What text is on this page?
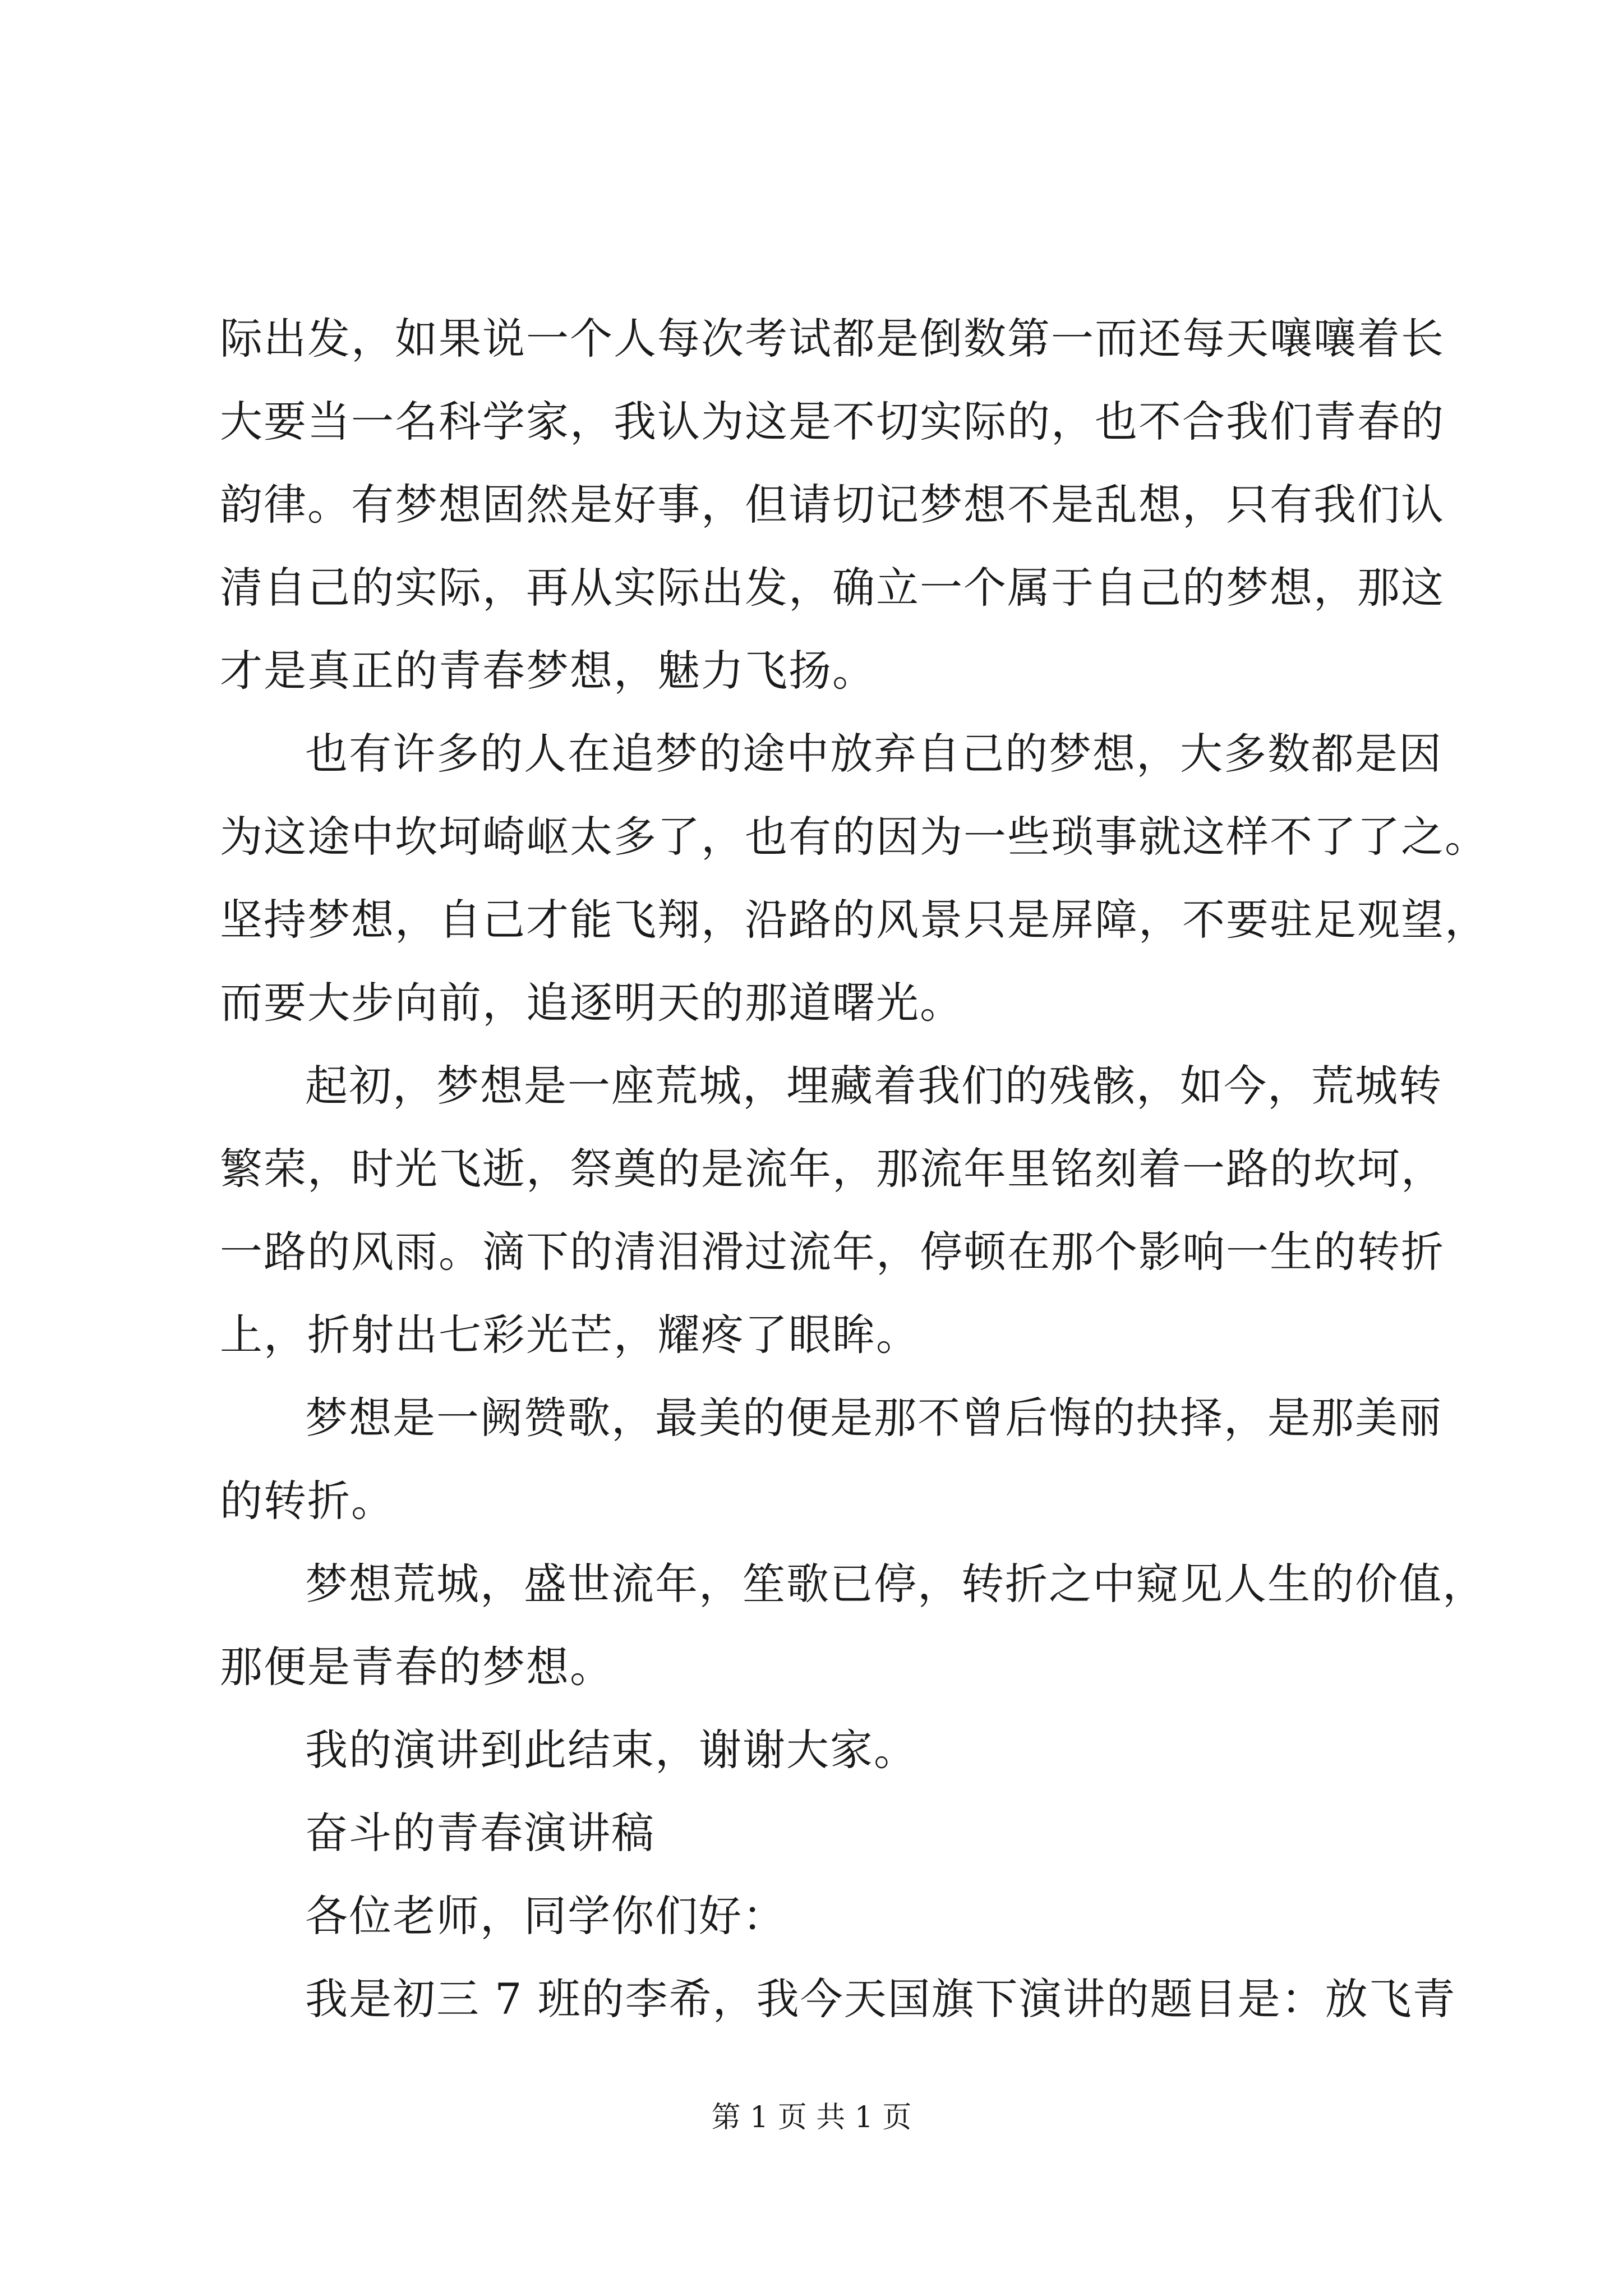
际出发，如果说一个人每次考试都是倒数第一而还每天嚷嚷着长
大要当一名科学家，我认为这是不切实际的，也不合我们青春的
韵律。有梦想固然是好事，但请切记梦想不是乱想，只有我们认
清自己的实际，再从实际出发，确立一个属于自己的梦想，那这
才是真正的青春梦想，魅力飞扬。
也有许多的人在追梦的途中放弃自己的梦想，大多数都是因
为这途中坎坷崎岖太多了，也有的因为一些琐事就这样不了了之。
坚持梦想，自己才能飞翔，沿路的风景只是屏障，不要驻足观望，
而要大步向前，追逐明天的那道曙光。
起初，梦想是一座荒城，埋藏着我们的残骸，如今，荒城转
繁荣，时光飞逝，祭奠的是流年，那流年里铭刻着一路的坎坷，
一路的风雨。滴下的清泪滑过流年，停顿在那个影响一生的转折
上，折射出七彩光芒，耀疼了眼眸。
梦想是一阙赞歌，最美的便是那不曾后悔的抉择，是那美丽
的转折。
梦想荒城，盛世流年，笙歌已停，转折之中窥见人生的价值，
那便是青春的梦想。
我的演讲到此结束，谢谢大家。
奋斗的青春演讲稿
各位老师，同学你们好：
我是初三 7 班的李希，我今天国旗下演讲的题目是：放飞青
第 1 页 共 1 页
